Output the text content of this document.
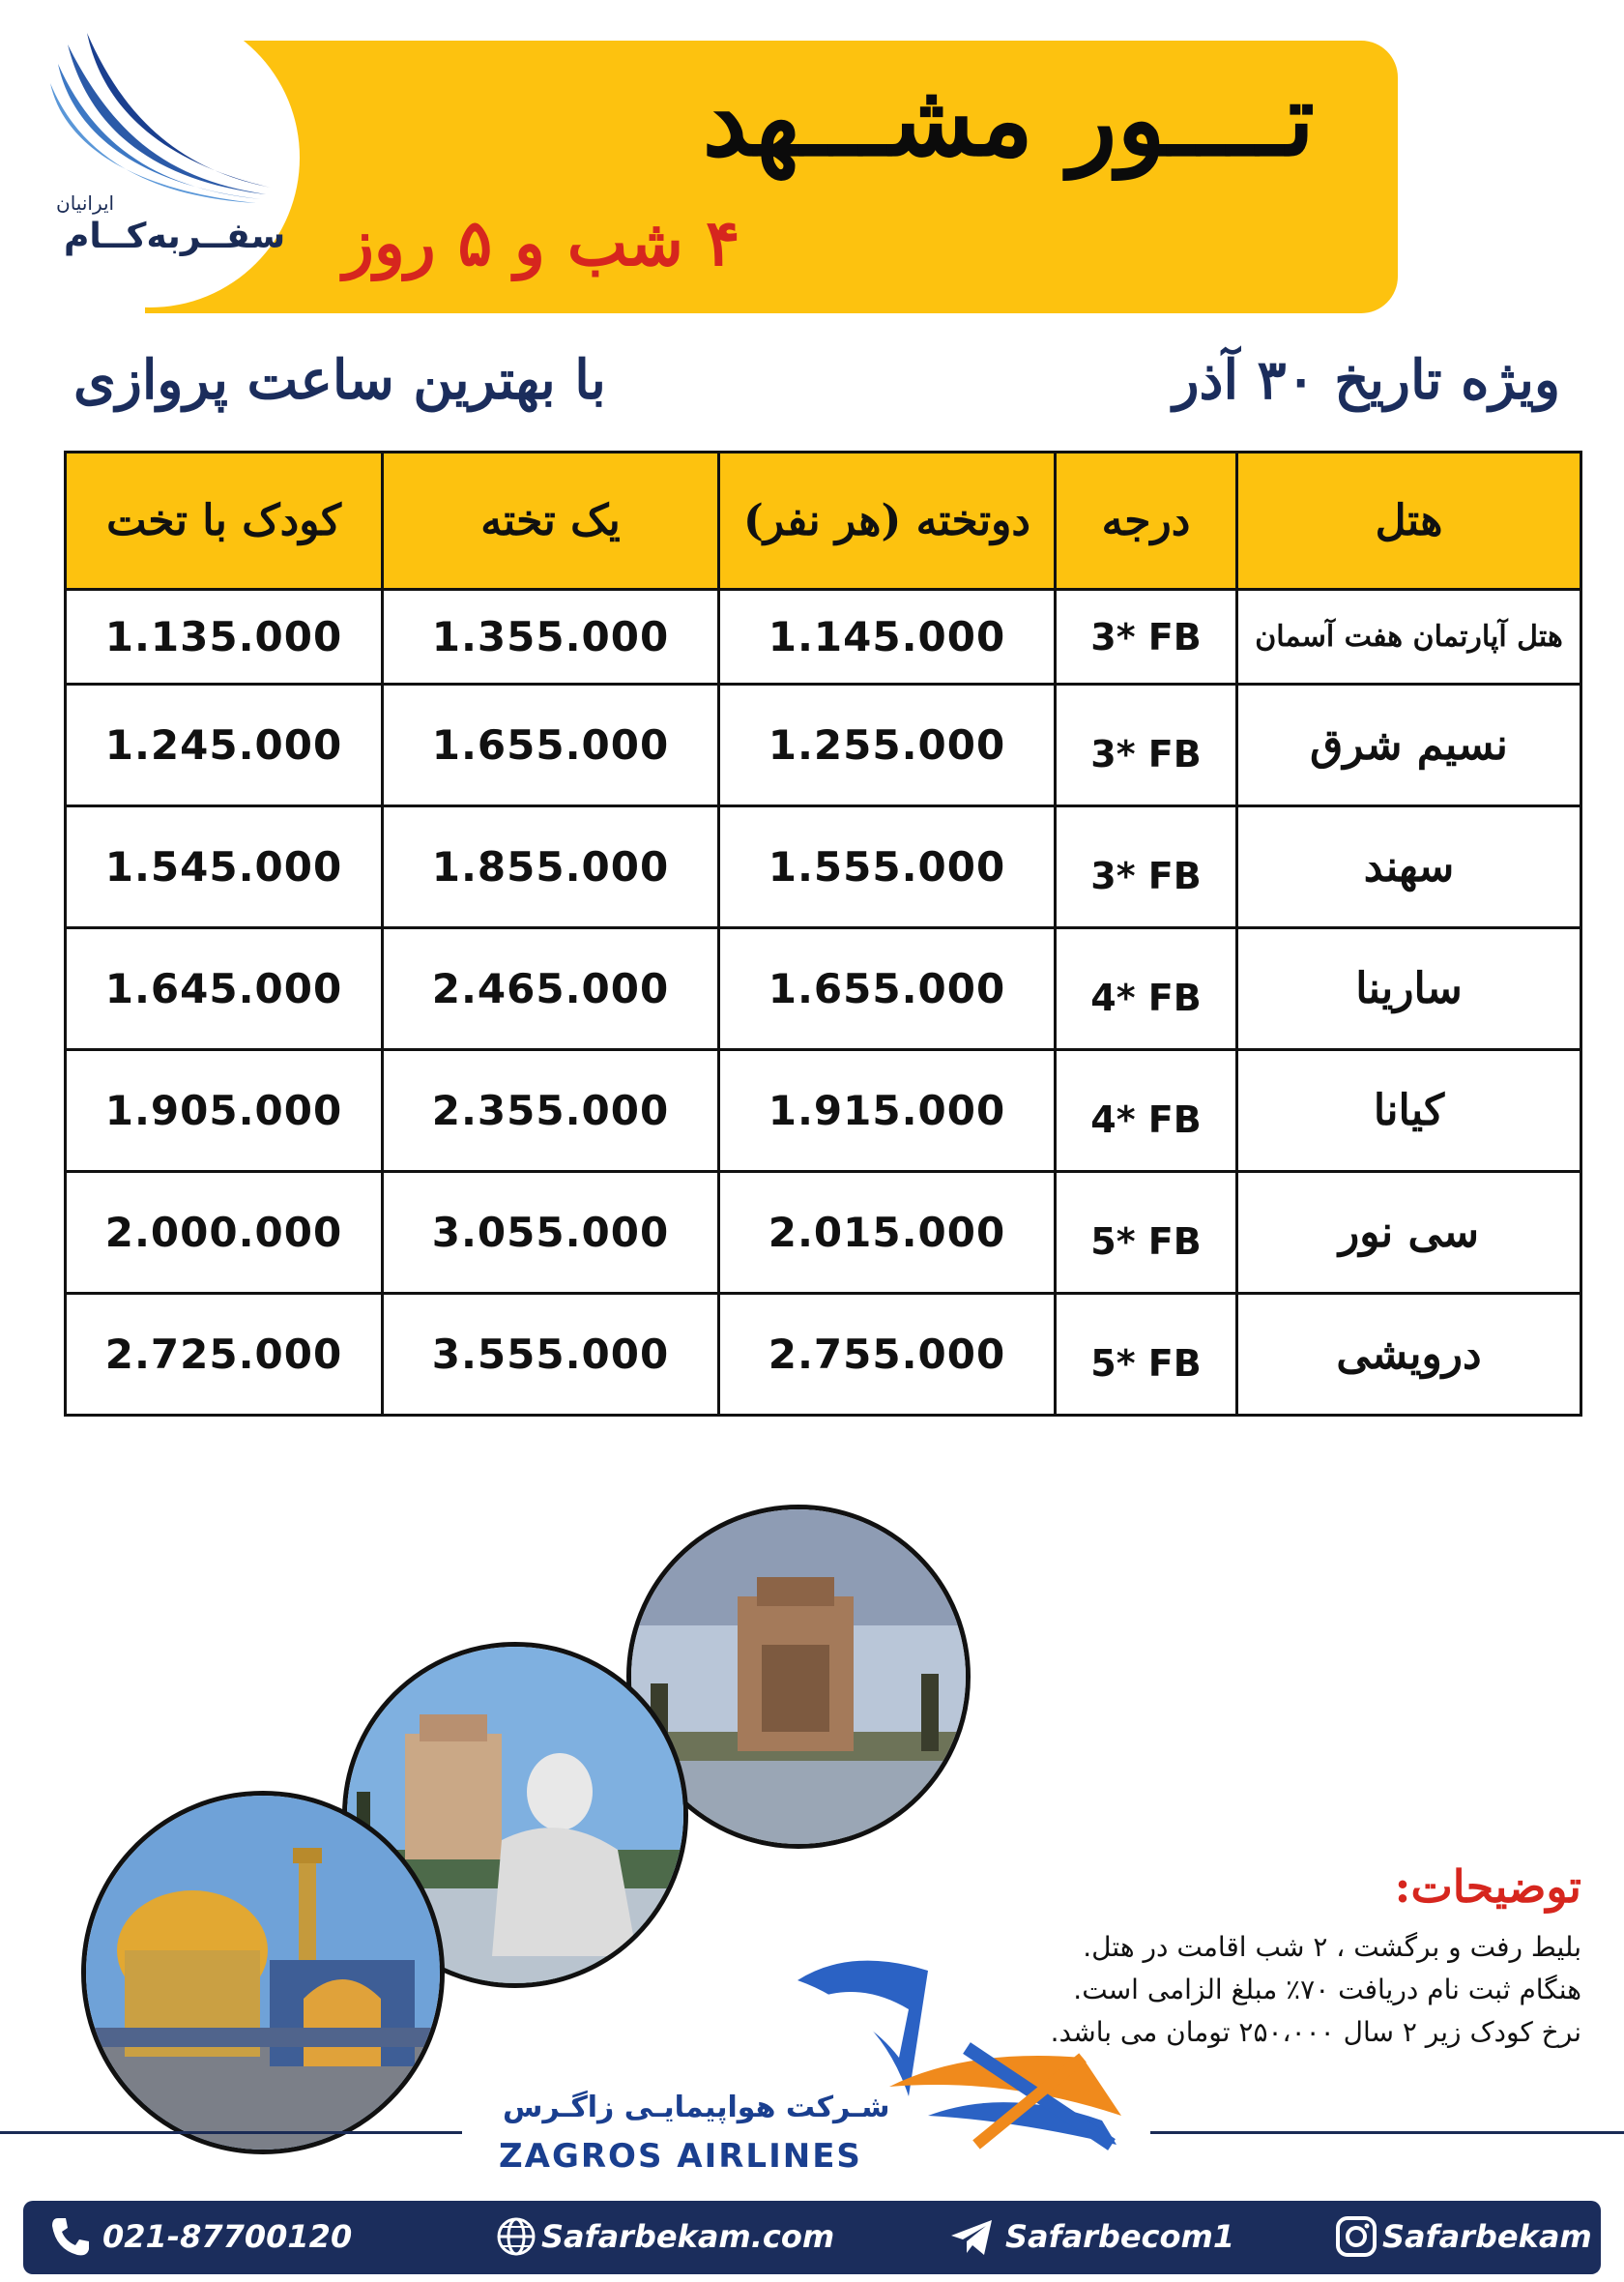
ایرانیان
سفــربه‌کــام
تــــور مشـــهد
۴ شب و ۵ روز
با بهترین ساعت پروازی	ویژه تاریخ ۳۰ آذر
کودک با تخت	یک تخته	دوتخته (هر نفر)	درجه	هتل
1.135.000	1.355.000	1.145.000	3* FB	هتل آپارتمان هفت آسمان
1.245.000	1.655.000	1.255.000	3* FB	نسیم شرق
1.545.000	1.855.000	1.555.000	3* FB	سهند
1.645.000	2.465.000	1.655.000	4* FB	سارینا
1.905.000	2.355.000	1.915.000	4* FB	کیانا
2.000.000	3.055.000	2.015.000	5* FB	سی نور
2.725.000	3.555.000	2.755.000	5* FB	درویشی
توضیحات:
بلیط رفت و برگشت ، ۲ شب اقامت در هتل.
هنگام ثبت نام دریافت ۷۰٪ مبلغ الزامی است.
نرخ کودک زیر ۲ سال ۲۵۰،۰۰۰ تومان می باشد.
شـرکت هواپیمایـی زاگـرس
ZAGROS AIRLINES
021-87700120	Safarbekam.com	Safarbecom1	Safarbekam
